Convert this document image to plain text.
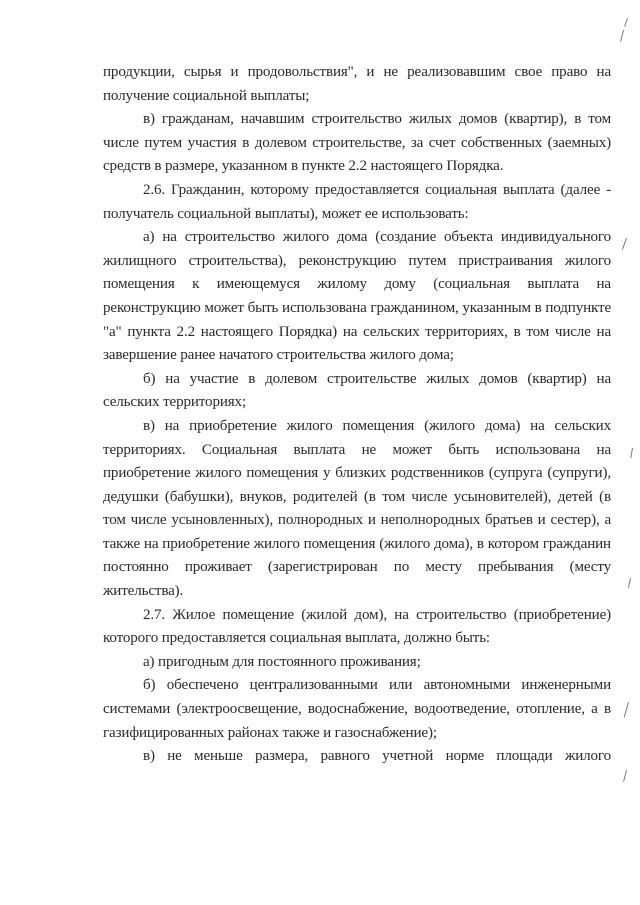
продукции, сырья и продовольствия", и не реализовавшим свое право на получение социальной выплаты;

в) гражданам, начавшим строительство жилых домов (квартир), в том числе путем участия в долевом строительстве, за счет собственных (заемных) средств в размере, указанном в пункте 2.2 настоящего Порядка.

2.6. Гражданин, которому предоставляется социальная выплата (далее - получатель социальной выплаты), может ее использовать:

а) на строительство жилого дома (создание объекта индивидуального жилищного строительства), реконструкцию путем пристраивания жилого помещения к имеющемуся жилому дому (социальная выплата на реконструкцию может быть использована гражданином, указанным в подпункте "а" пункта 2.2 настоящего Порядка) на сельских территориях, в том числе на завершение ранее начатого строительства жилого дома;

б) на участие в долевом строительстве жилых домов (квартир) на сельских территориях;

в) на приобретение жилого помещения (жилого дома) на сельских территориях. Социальная выплата не может быть использована на приобретение жилого помещения у близких родственников (супруга (супруги), дедушки (бабушки), внуков, родителей (в том числе усыновителей), детей (в том числе усыновленных), полнородных и неполнородных братьев и сестер), а также на приобретение жилого помещения (жилого дома), в котором гражданин постоянно проживает (зарегистрирован по месту пребывания (месту жительства).

2.7. Жилое помещение (жилой дом), на строительство (приобретение) которого предоставляется социальная выплата, должно быть:

а) пригодным для постоянного проживания;

б) обеспечено централизованными или автономными инженерными системами (электроосвещение, водоснабжение, водоотведение, отопление, а в газифицированных районах также и газоснабжение);

в) не меньше размера, равного учетной норме площади жилого
